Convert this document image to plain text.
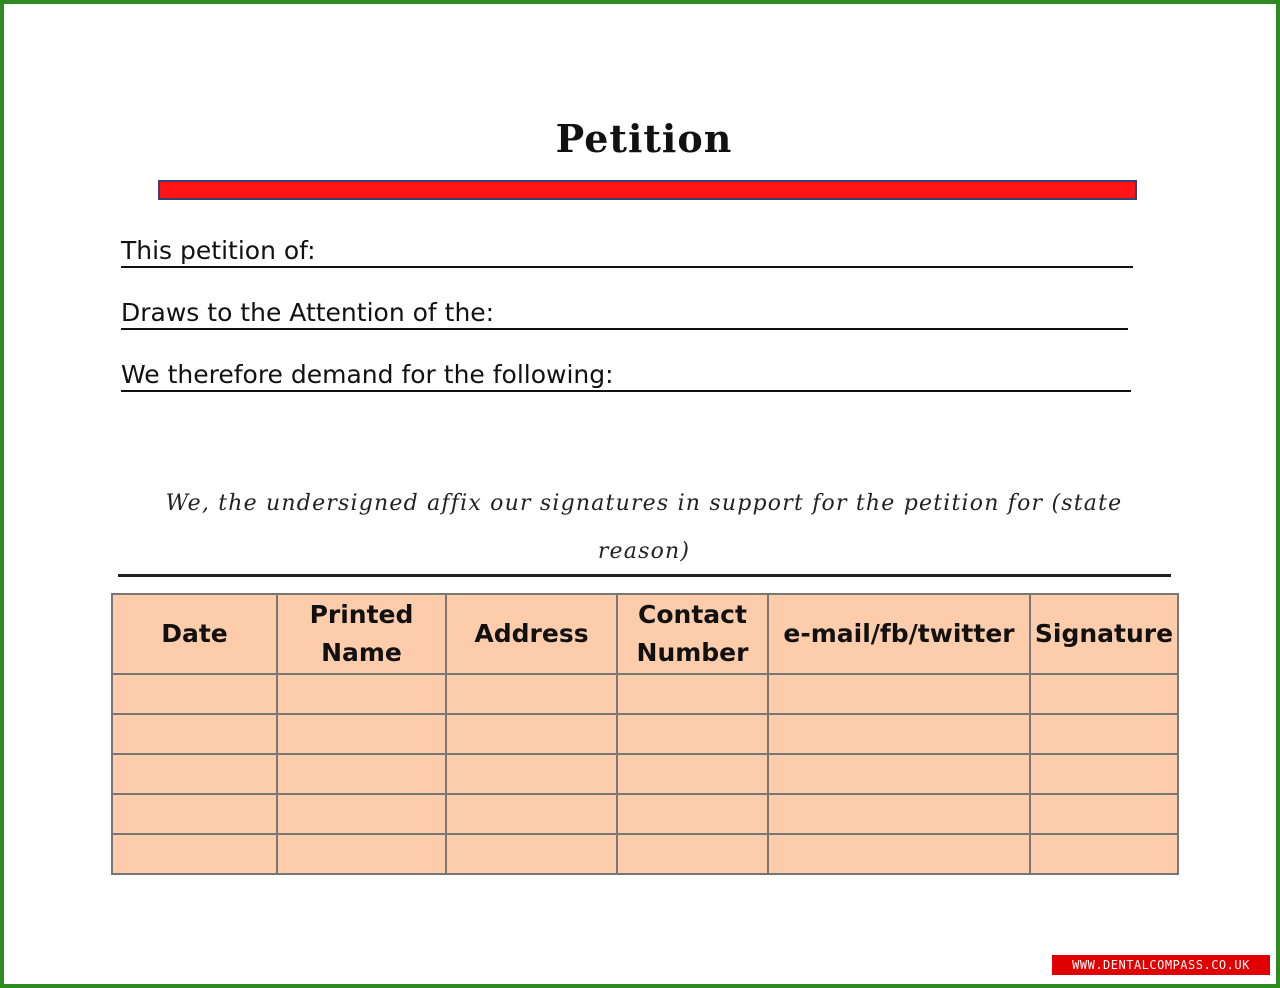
Petition
This petition of:
Draws to the Attention of the:
We therefore demand for the following:
We, the undersigned affix our signatures in support for the petition for (state reason)
Date	Printed Name	Address	Contact Number	e-mail/fb/twitter	Signature

WWW.DENTALCOMPASS.CO.UK
